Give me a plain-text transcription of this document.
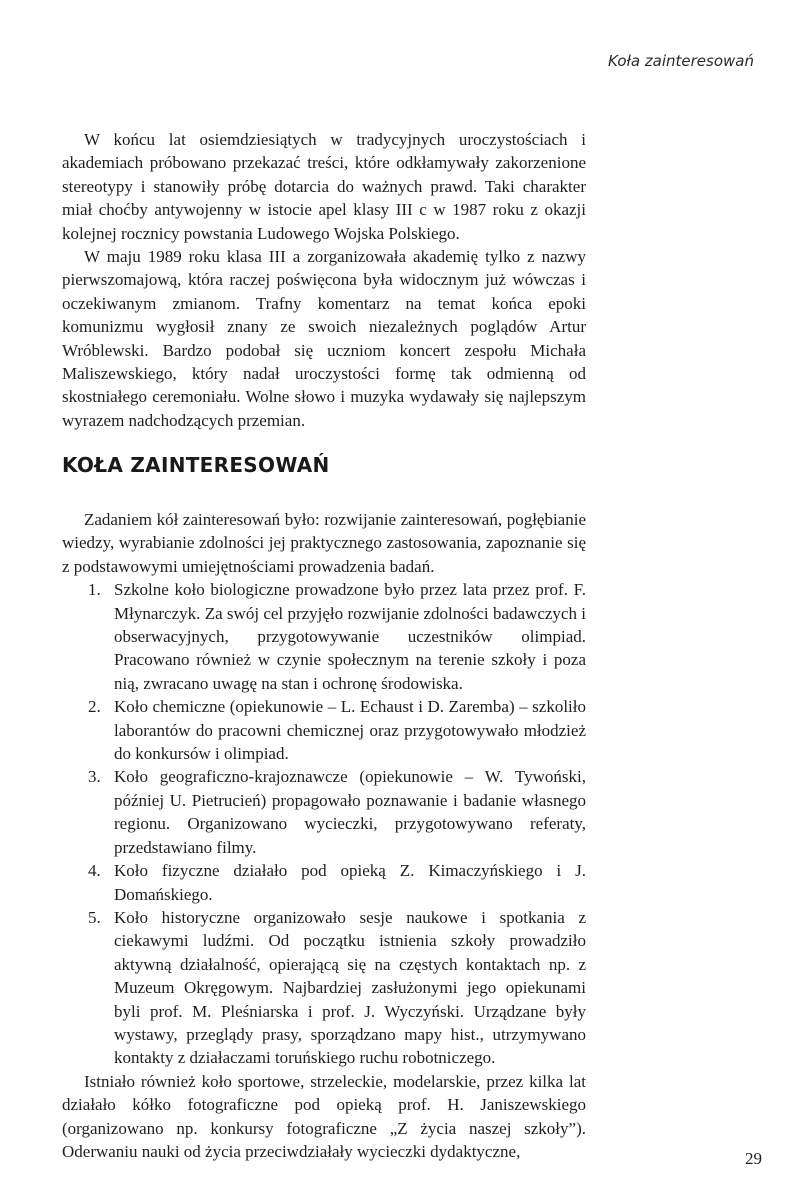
Koła zainteresowań

W końcu lat osiemdziesiątych w tradycyjnych uroczystościach i akademiach próbowano przekazać treści, które odkłamywały zakorzenione stereotypy i stanowiły próbę dotarcia do ważnych prawd. Taki charakter miał choćby antywojenny w istocie apel klasy III c w 1987 roku z okazji kolejnej rocznicy powstania Ludowego Wojska Polskiego.

W maju 1989 roku klasa III a zorganizowała akademię tylko z nazwy pierwszomajową, która raczej poświęcona była widocznym już wówczas i oczekiwanym zmianom. Trafny komentarz na temat końca epoki komunizmu wygłosił znany ze swoich niezależnych poglądów Artur Wróblewski. Bardzo podobał się uczniom koncert zespołu Michała Maliszewskiego, który nadał uroczystości formę tak odmienną od skostniałego ceremoniału. Wolne słowo i muzyka wydawały się najlepszym wyrazem nadchodzących przemian.

KOŁA ZAINTERESOWAŃ

Zadaniem kół zainteresowań było: rozwijanie zainteresowań, pogłębianie wiedzy, wyrabianie zdolności jej praktycznego zastosowania, zapoznanie się z podstawowymi umiejętnościami prowadzenia badań.

1. Szkolne koło biologiczne prowadzone było przez lata przez prof. F. Młynarczyk. Za swój cel przyjęło rozwijanie zdolności badawczych i obserwacyjnych, przygotowywanie uczestników olimpiad. Pracowano również w czynie społecznym na terenie szkoły i poza nią, zwracano uwagę na stan i ochronę środowiska.
2. Koło chemiczne (opiekunowie – L. Echaust i D. Zaremba) – szkoliło laborantów do pracowni chemicznej oraz przygotowywało młodzież do konkursów i olimpiad.
3. Koło geograficzno-krajoznawcze (opiekunowie – W. Tywoński, później U. Pietrucień) propagowało poznawanie i badanie własnego regionu. Organizowano wycieczki, przygotowywano referaty, przedstawiano filmy.
4. Koło fizyczne działało pod opieką Z. Kimaczyńskiego i J. Domańskiego.
5. Koło historyczne organizowało sesje naukowe i spotkania z ciekawymi ludźmi. Od początku istnienia szkoły prowadziło aktywną działalność, opierającą się na częstych kontaktach np. z Muzeum Okręgowym. Najbardziej zasłużonymi jego opiekunami byli prof. M. Pleśniarska i prof. J. Wyczyński. Urządzane były wystawy, przeglądy prasy, sporządzano mapy hist., utrzymywano kontakty z działaczami toruńskiego ruchu robotniczego.

Istniało również koło sportowe, strzeleckie, modelarskie, przez kilka lat działało kółko fotograficzne pod opieką prof. H. Janiszewskiego (organizowano np. konkursy fotograficzne „Z życia naszej szkoły”). Oderwaniu nauki od życia przeciwdziałały wycieczki dydaktyczne,	29
